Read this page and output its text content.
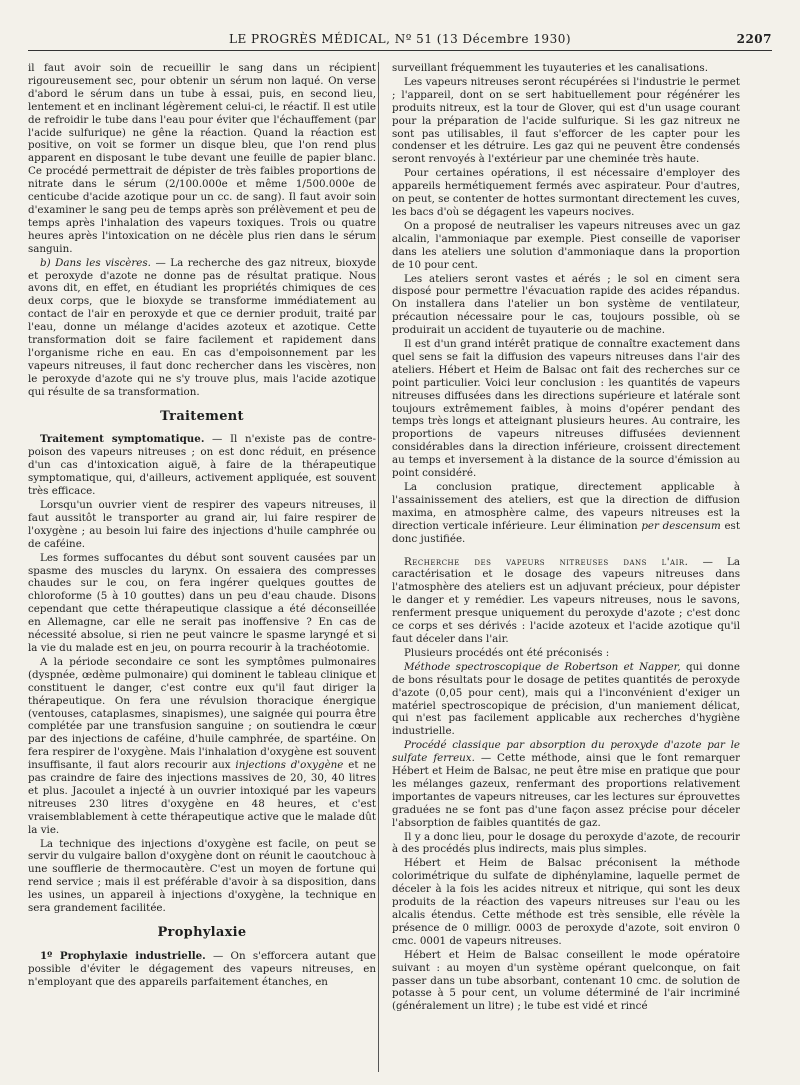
LE PROGRÈS MÉDICAL, Nº 51 (13 Décembre 1930)	2207

il faut avoir soin de recueillir le sang dans un récipient rigoureusement sec, pour obtenir un sérum non laqué. On verse d'abord le sérum dans un tube à essai, puis, en second lieu, lentement et en inclinant légèrement celui-ci, le réactif. Il est utile de refroidir le tube dans l'eau pour éviter que l'échauffement (par l'acide sulfurique) ne gêne la réaction. Quand la réaction est positive, on voit se former un disque bleu, que l'on rend plus apparent en disposant le tube devant une feuille de papier blanc. Ce procédé permettrait de dépister de très faibles proportions de nitrate dans le sérum (2/100.000e et même 1/500.000e de centicube d'acide azotique pour un cc. de sang). Il faut avoir soin d'examiner le sang peu de temps après son prélèvement et peu de temps après l'inhalation des vapeurs toxiques. Trois ou quatre heures après l'intoxication on ne décèle plus rien dans le sérum sanguin.

b) Dans les viscères. — La recherche des gaz nitreux, bioxyde et peroxyde d'azote ne donne pas de résultat pratique. Nous avons dit, en effet, en étudiant les propriétés chimiques de ces deux corps, que le bioxyde se transforme immédiatement au contact de l'air en peroxyde et que ce dernier produit, traité par l'eau, donne un mélange d'acides azoteux et azotique. Cette transformation doit se faire facilement et rapidement dans l'organisme riche en eau. En cas d'empoisonnement par les vapeurs nitreuses, il faut donc rechercher dans les viscères, non le peroxyde d'azote qui ne s'y trouve plus, mais l'acide azotique qui résulte de sa transformation.

Traitement

Traitement symptomatique. — Il n'existe pas de contre-poison des vapeurs nitreuses ; on est donc réduit, en présence d'un cas d'intoxication aiguë, à faire de la thérapeutique symptomatique, qui, d'ailleurs, activement appliquée, est souvent très efficace.

Lorsqu'un ouvrier vient de respirer des vapeurs nitreuses, il faut aussitôt le transporter au grand air, lui faire respirer de l'oxygène ; au besoin lui faire des injections d'huile camphrée ou de caféine.

Les formes suffocantes du début sont souvent causées par un spasme des muscles du larynx. On essaiera des compresses chaudes sur le cou, on fera ingérer quelques gouttes de chloroforme (5 à 10 gouttes) dans un peu d'eau chaude. Disons cependant que cette thérapeutique classique a été déconseillée en Allemagne, car elle ne serait pas inoffensive ? En cas de nécessité absolue, si rien ne peut vaincre le spasme laryngé et si la vie du malade est en jeu, on pourra recourir à la trachéotomie.

A la période secondaire ce sont les symptômes pulmonaires (dyspnée, œdème pulmonaire) qui dominent le tableau clinique et constituent le danger, c'est contre eux qu'il faut diriger la thérapeutique. On fera une révulsion thoracique énergique (ventouses, cataplasmes, sinapismes), une saignée qui pourra être complétée par une transfusion sanguine ; on soutiendra le cœur par des injections de caféine, d'huile camphrée, de spartéine. On fera respirer de l'oxygène. Mais l'inhalation d'oxygène est souvent insuffisante, il faut alors recourir aux injections d'oxygène et ne pas craindre de faire des injections massives de 20, 30, 40 litres et plus. Jacoulet a injecté à un ouvrier intoxiqué par les vapeurs nitreuses 230 litres d'oxygène en 48 heures, et c'est vraisemblablement à cette thérapeutique active que le malade dût la vie.

La technique des injections d'oxygène est facile, on peut se servir du vulgaire ballon d'oxygène dont on réunit le caoutchouc à une soufflerie de thermocautère. C'est un moyen de fortune qui rend service ; mais il est préférable d'avoir à sa disposition, dans les usines, un appareil à injections d'oxygène, la technique en sera grandement facilitée.

Prophylaxie

1º Prophylaxie industrielle. — On s'efforcera autant que possible d'éviter le dégagement des vapeurs nitreuses, en n'employant que des appareils parfaitement étanches, en

surveillant fréquemment les tuyauteries et les canalisations.

Les vapeurs nitreuses seront récupérées si l'industrie le permet ; l'appareil, dont on se sert habituellement pour régénérer les produits nitreux, est la tour de Glover, qui est d'un usage courant pour la préparation de l'acide sulfurique. Si les gaz nitreux ne sont pas utilisables, il faut s'efforcer de les capter pour les condenser et les détruire. Les gaz qui ne peuvent être condensés seront renvoyés à l'extérieur par une cheminée très haute.

Pour certaines opérations, il est nécessaire d'employer des appareils hermétiquement fermés avec aspirateur. Pour d'autres, on peut, se contenter de hottes surmontant directement les cuves, les bacs d'où se dégagent les vapeurs nocives.

On a proposé de neutraliser les vapeurs nitreuses avec un gaz alcalin, l'ammoniaque par exemple. Piest conseille de vaporiser dans les ateliers une solution d'ammoniaque dans la proportion de 10 pour cent.

Les ateliers seront vastes et aérés ; le sol en ciment sera disposé pour permettre l'évacuation rapide des acides répandus. On installera dans l'atelier un bon système de ventilateur, précaution nécessaire pour le cas, toujours possible, où se produirait un accident de tuyauterie ou de machine.

Il est d'un grand intérêt pratique de connaître exactement dans quel sens se fait la diffusion des vapeurs nitreuses dans l'air des ateliers. Hébert et Heim de Balsac ont fait des recherches sur ce point particulier. Voici leur conclusion : les quantités de vapeurs nitreuses diffusées dans les directions supérieure et latérale sont toujours extrêmement faibles, à moins d'opérer pendant des temps très longs et atteignant plusieurs heures. Au contraire, les proportions de vapeurs nitreuses diffusées deviennent considérables dans la direction inférieure, croissent directement au temps et inversement à la distance de la source d'émission au point considéré.

La conclusion pratique, directement applicable à l'assainissement des ateliers, est que la direction de diffusion maxima, en atmosphère calme, des vapeurs nitreuses est la direction verticale inférieure. Leur élimination per descensum est donc justifiée.

Recherche des vapeurs nitreuses dans l'air. — La caractérisation et le dosage des vapeurs nitreuses dans l'atmosphère des ateliers est un adjuvant précieux, pour dépister le danger et y remédier. Les vapeurs nitreuses, nous le savons, renferment presque uniquement du peroxyde d'azote ; c'est donc ce corps et ses dérivés : l'acide azoteux et l'acide azotique qu'il faut déceler dans l'air.

Plusieurs procédés ont été préconisés :

Méthode spectroscopique de Robertson et Napper, qui donne de bons résultats pour le dosage de petites quantités de peroxyde d'azote (0,05 pour cent), mais qui a l'inconvénient d'exiger un matériel spectroscopique de précision, d'un maniement délicat, qui n'est pas facilement applicable aux recherches d'hygiène industrielle.

Procédé classique par absorption du peroxyde d'azote par le sulfate ferreux. — Cette méthode, ainsi que le font remarquer Hébert et Heim de Balsac, ne peut être mise en pratique que pour les mélanges gazeux, renfermant des proportions relativement importantes de vapeurs nitreuses, car les lectures sur éprouvettes graduées ne se font pas d'une façon assez précise pour déceler l'absorption de faibles quantités de gaz.

Il y a donc lieu, pour le dosage du peroxyde d'azote, de recourir à des procédés plus indirects, mais plus simples.

Hébert et Heim de Balsac préconisent la méthode colorimétrique du sulfate de diphénylamine, laquelle permet de déceler à la fois les acides nitreux et nitrique, qui sont les deux produits de la réaction des vapeurs nitreuses sur l'eau ou les alcalis étendus. Cette méthode est très sensible, elle révèle la présence de 0 milligr. 0003 de peroxyde d'azote, soit environ 0 cmc. 0001 de vapeurs nitreuses.

Hébert et Heim de Balsac conseillent le mode opératoire suivant : au moyen d'un système opérant quelconque, on fait passer dans un tube absorbant, contenant 10 cmc. de solution de potasse à 5 pour cent, un volume déterminé de l'air incriminé (généralement un litre) ; le tube est vidé et rincé
